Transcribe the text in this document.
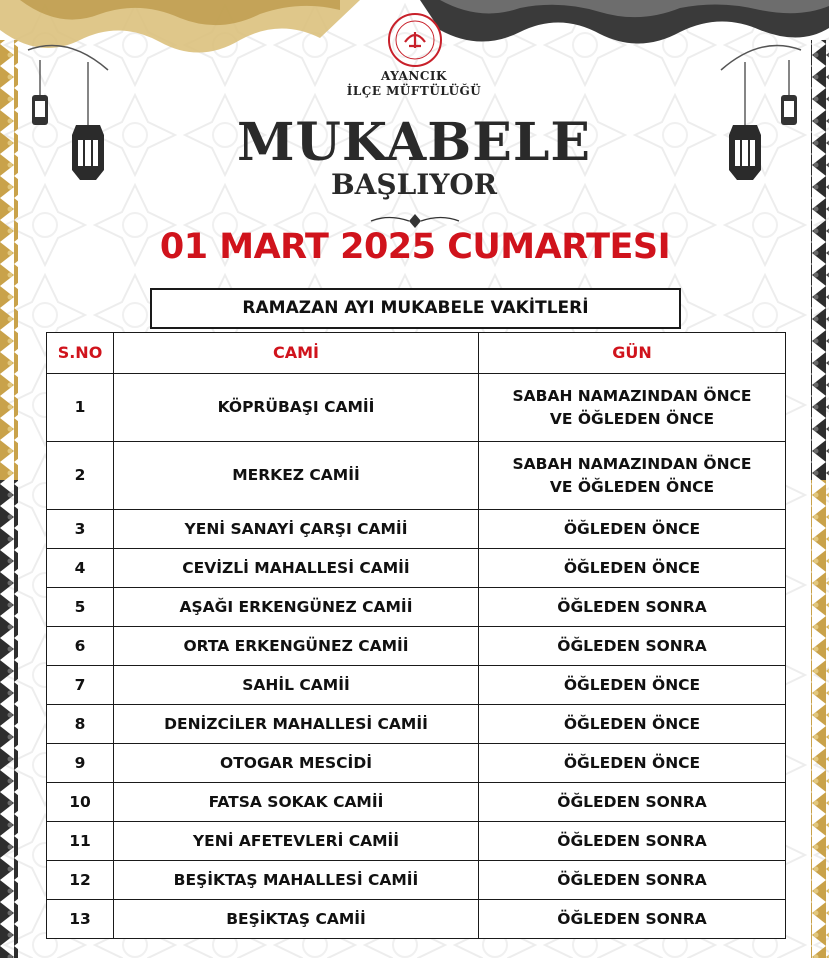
AYANCIK
İLÇE MÜFTÜLÜĞÜ
MUKABELE
BAŞLIYOR
01 MART 2025 CUMARTESI
RAMAZAN AYI MUKABELE VAKİTLERİ
S.NO	CAMİ	GÜN
1	KÖPRÜBAŞI CAMİİ	SABAH NAMAZINDAN ÖNCE
VE ÖĞLEDEN ÖNCE
2	MERKEZ CAMİİ	SABAH NAMAZINDAN ÖNCE
VE ÖĞLEDEN ÖNCE
3	YENİ SANAYİ ÇARŞI CAMİİ	ÖĞLEDEN ÖNCE
4	CEVİZLİ MAHALLESİ CAMİİ	ÖĞLEDEN ÖNCE
5	AŞAĞI ERKENGÜNEZ CAMİİ	ÖĞLEDEN SONRA
6	ORTA ERKENGÜNEZ CAMİİ	ÖĞLEDEN SONRA
7	SAHİL CAMİİ	ÖĞLEDEN ÖNCE
8	DENİZCİLER MAHALLESİ CAMİİ	ÖĞLEDEN ÖNCE
9	OTOGAR MESCİDİ	ÖĞLEDEN ÖNCE
10	FATSA SOKAK CAMİİ	ÖĞLEDEN SONRA
11	YENİ AFETEVLERİ CAMİİ	ÖĞLEDEN SONRA
12	BEŞİKTAŞ MAHALLESİ CAMİİ	ÖĞLEDEN SONRA
13	BEŞİKTAŞ CAMİİ	ÖĞLEDEN SONRA
